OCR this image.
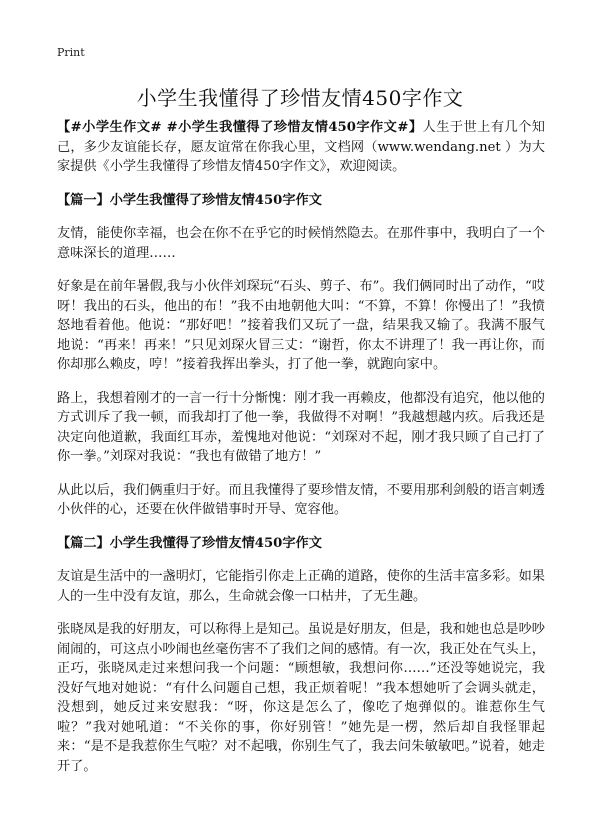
Print
小学生我懂得了珍惜友情450字作文

【#小学生作文# #小学生我懂得了珍惜友情450字作文#】人生于世上有几个知己，多少友谊能长存，愿友谊常在你我心里，文档网（www.wendang.net ）为大家提供《小学生我懂得了珍惜友情450字作文》，欢迎阅读。

【篇一】小学生我懂得了珍惜友情450字作文

友情，能使你幸福，也会在你不在乎它的时候悄然隐去。在那件事中，我明白了一个意味深长的道理……

好象是在前年暑假,我与小伙伴刘琛玩“石头、剪子、布”。我们俩同时出了动作，“哎呀！我出的石头，他出的布！”我不由地朝他大叫：“不算，不算！你慢出了！”我愤怒地看着他。他说：“那好吧！”接着我们又玩了一盘，结果我又输了。我满不服气地说：“再来！再来！”只见刘琛火冒三丈：“谢哲，你太不讲理了！我一再让你，而你却那么赖皮，哼！”接着我挥出拳头，打了他一拳，就跑向家中。

路上，我想着刚才的一言一行十分惭愧：刚才我一再赖皮，他都没有追究，他以他的方式训斥了我一顿，而我却打了他一拳，我做得不对啊！”我越想越内疚。后我还是决定向他道歉，我面红耳赤，羞愧地对他说：“刘琛对不起，刚才我只顾了自己打了你一拳。”刘琛对我说：“我也有做错了地方！”

从此以后，我们俩重归于好。而且我懂得了要珍惜友情，不要用那利剑般的语言刺透小伙伴的心，还要在伙伴做错事时开导、宽容他。

【篇二】小学生我懂得了珍惜友情450字作文

友谊是生活中的一盏明灯，它能指引你走上正确的道路，使你的生活丰富多彩。如果人的一生中没有友谊，那么，生命就会像一口枯井，了无生趣。

张晓凤是我的好朋友，可以称得上是知己。虽说是好朋友，但是，我和她也总是吵吵闹闹的，可这点小吵闹也丝毫伤害不了我们之间的感情。有一次，我正处在气头上，正巧，张晓凤走过来想问我一个问题：“顾想敏，我想问你……”还没等她说完，我没好气地对她说：“有什么问题自己想，我正烦着呢！”我本想她听了会调头就走，没想到，她反过来安慰我：“呀，你这是怎么了，像吃了炮弹似的。谁惹你生气啦？”我对她吼道：“不关你的事，你好别管！”她先是一楞，然后却自我怪罪起来：“是不是我惹你生气啦？对不起哦，你别生气了，我去问朱敏敏吧。”说着，她走开了。
